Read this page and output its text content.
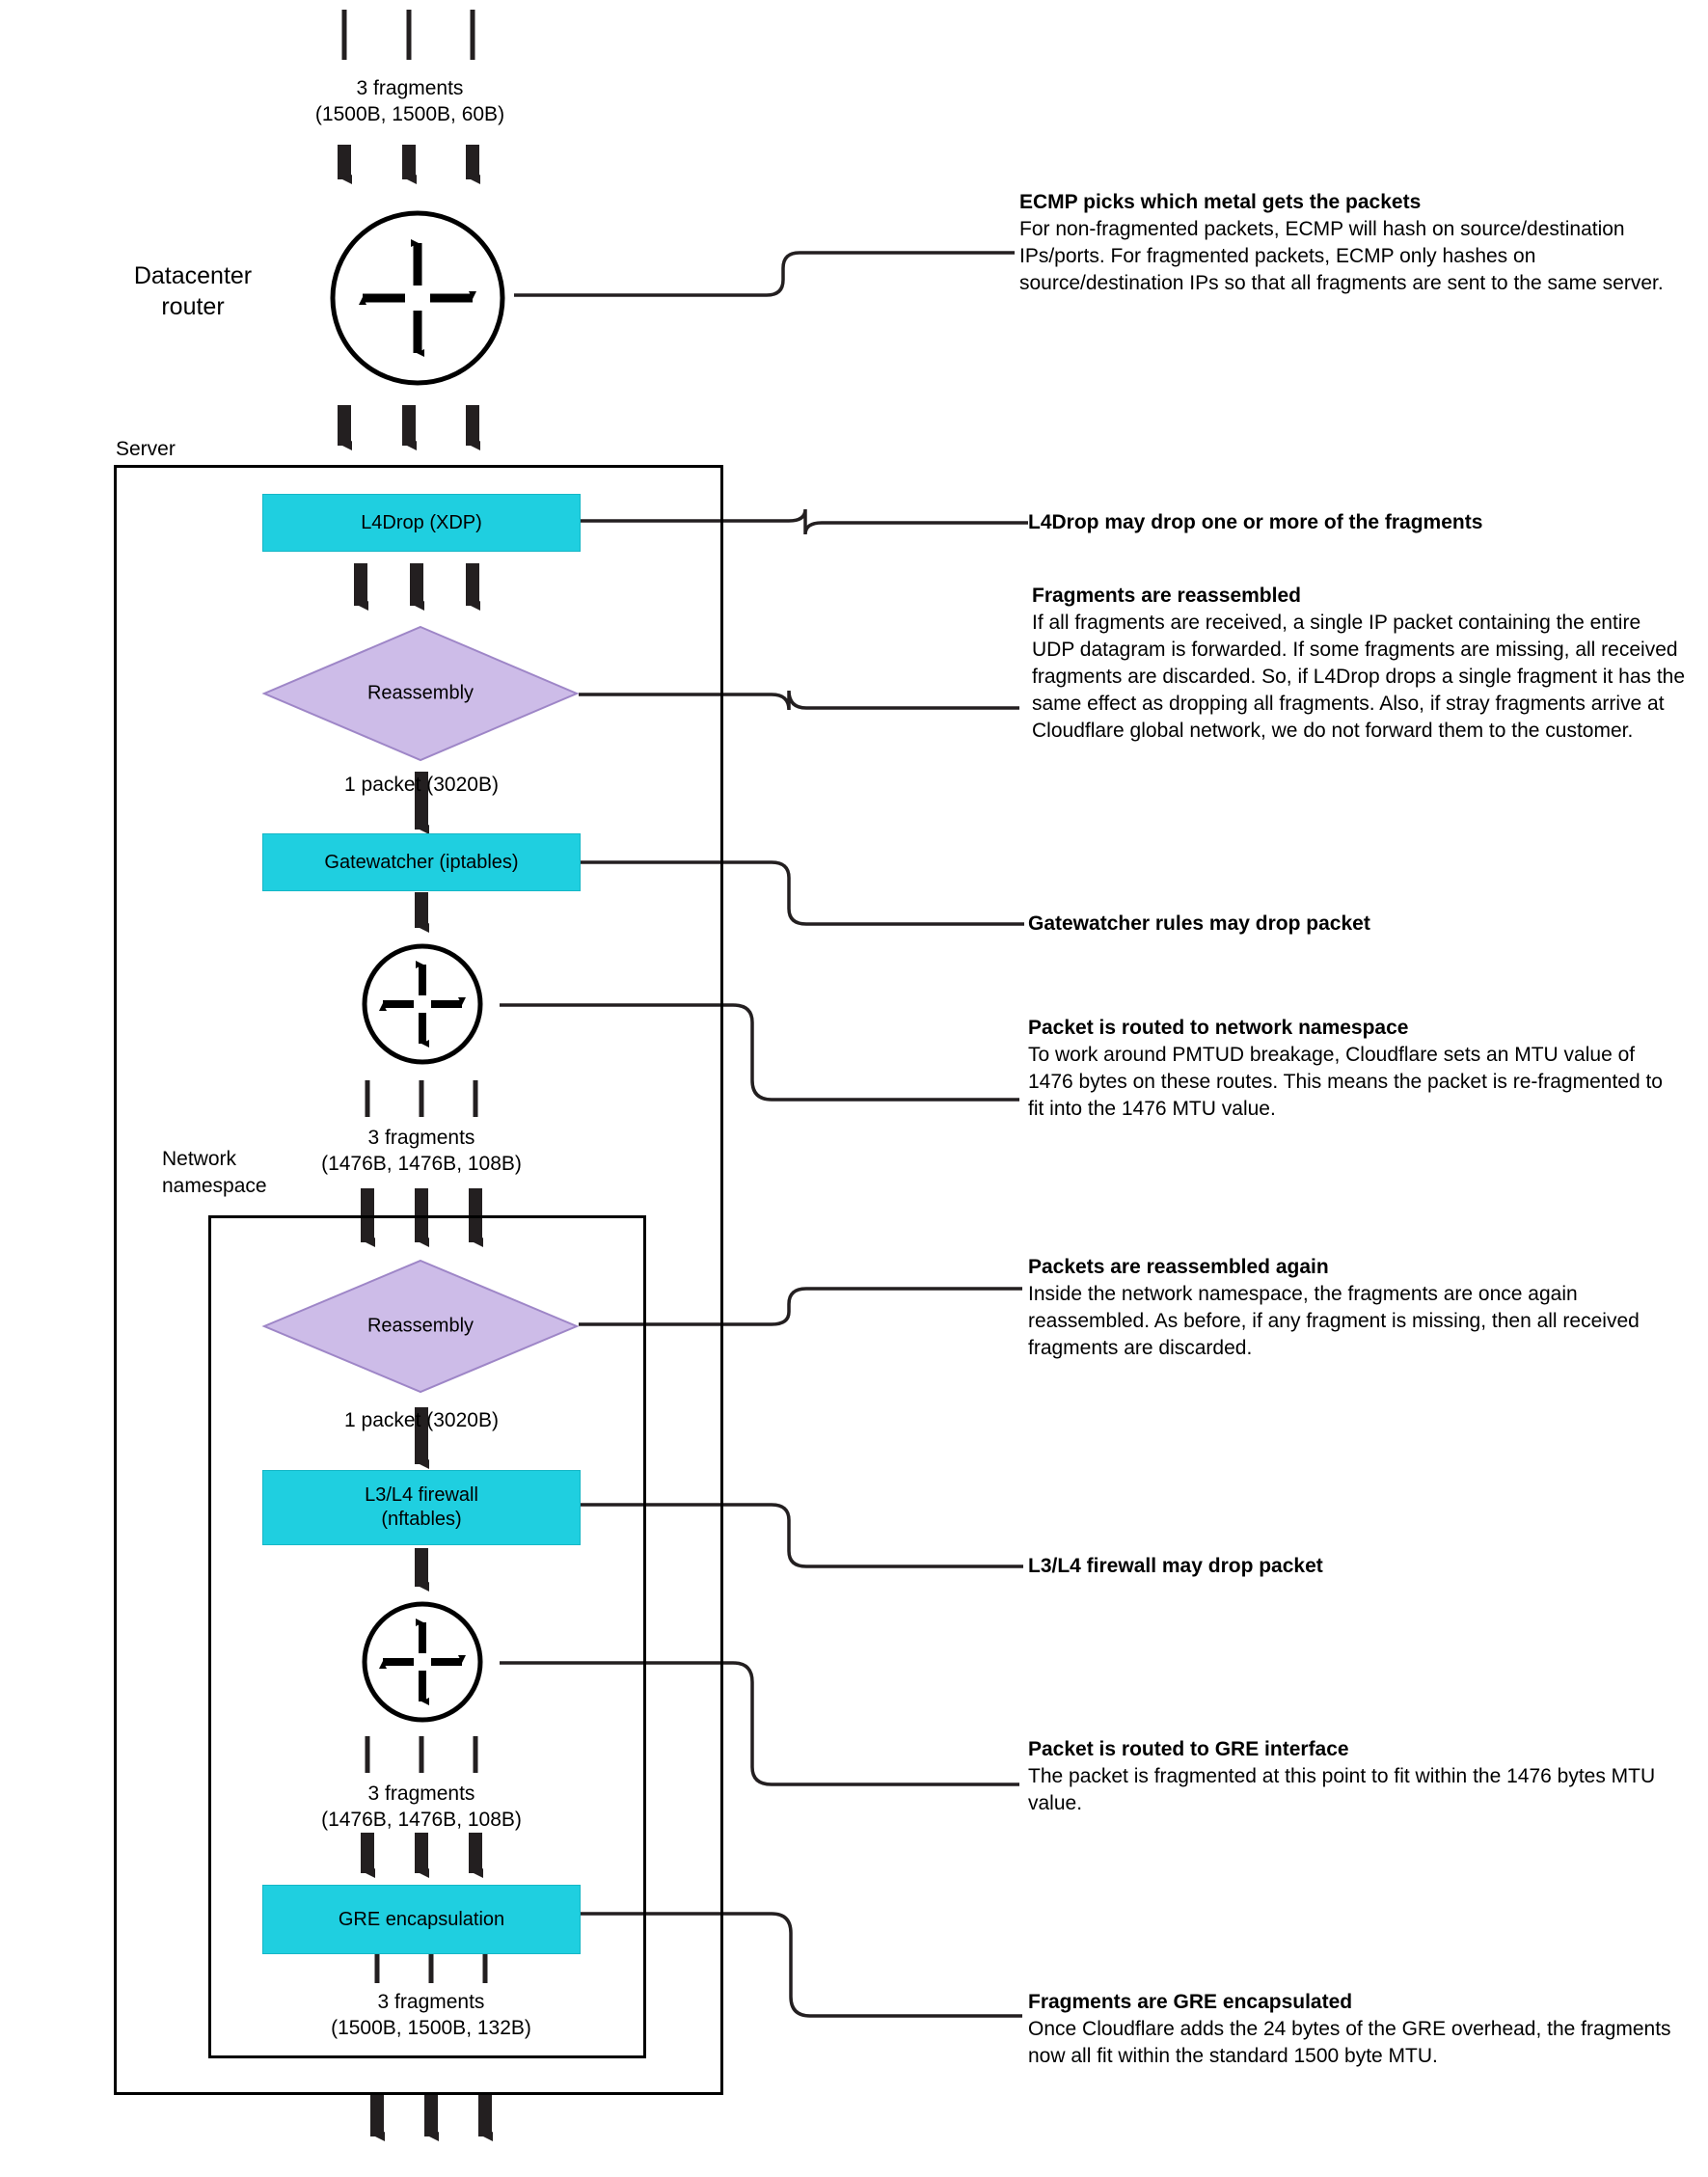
Server
Network
namespace
3 fragments
(1500B, 1500B, 60B)
Datacenter
router
L4Drop (XDP)
Reassembly
1 packet (3020B)
Gatewatcher (iptables)
3 fragments
(1476B, 1476B, 108B)
Reassembly
1 packet (3020B)
L3/L4 firewall
(nftables)
3 fragments
(1476B, 1476B, 108B)
GRE encapsulation
3 fragments
(1500B, 1500B, 132B)
ECMP picks which metal gets the packets
For non-fragmented packets, ECMP will hash on source/destination IPs/ports. For fragmented packets, ECMP only hashes on source/destination IPs so that all fragments are sent to the same server.
L4Drop may drop one or more of the fragments
Fragments are reassembled
If all fragments are received, a single IP packet containing the entire UDP datagram is forwarded. If some fragments are missing, all received fragments are discarded. So, if L4Drop drops a single fragment it has the same effect as dropping all fragments. Also, if stray fragments arrive at Cloudflare global network, we do not forward them to the customer.
Gatewatcher rules may drop packet
Packet is routed to network namespace
To work around PMTUD breakage, Cloudflare sets an MTU value of 1476 bytes on these routes. This means the packet is re-fragmented to fit into the 1476 MTU value.
Packets are reassembled again
Inside the network namespace, the fragments are once again reassembled. As before, if any fragment is missing, then all received fragments are discarded.
L3/L4 firewall may drop packet
Packet is routed to GRE interface
The packet is fragmented at this point to fit within the 1476 bytes MTU value.
Fragments are GRE encapsulated
Once Cloudflare adds the 24 bytes of the GRE overhead, the fragments now all fit within the standard 1500 byte MTU.
